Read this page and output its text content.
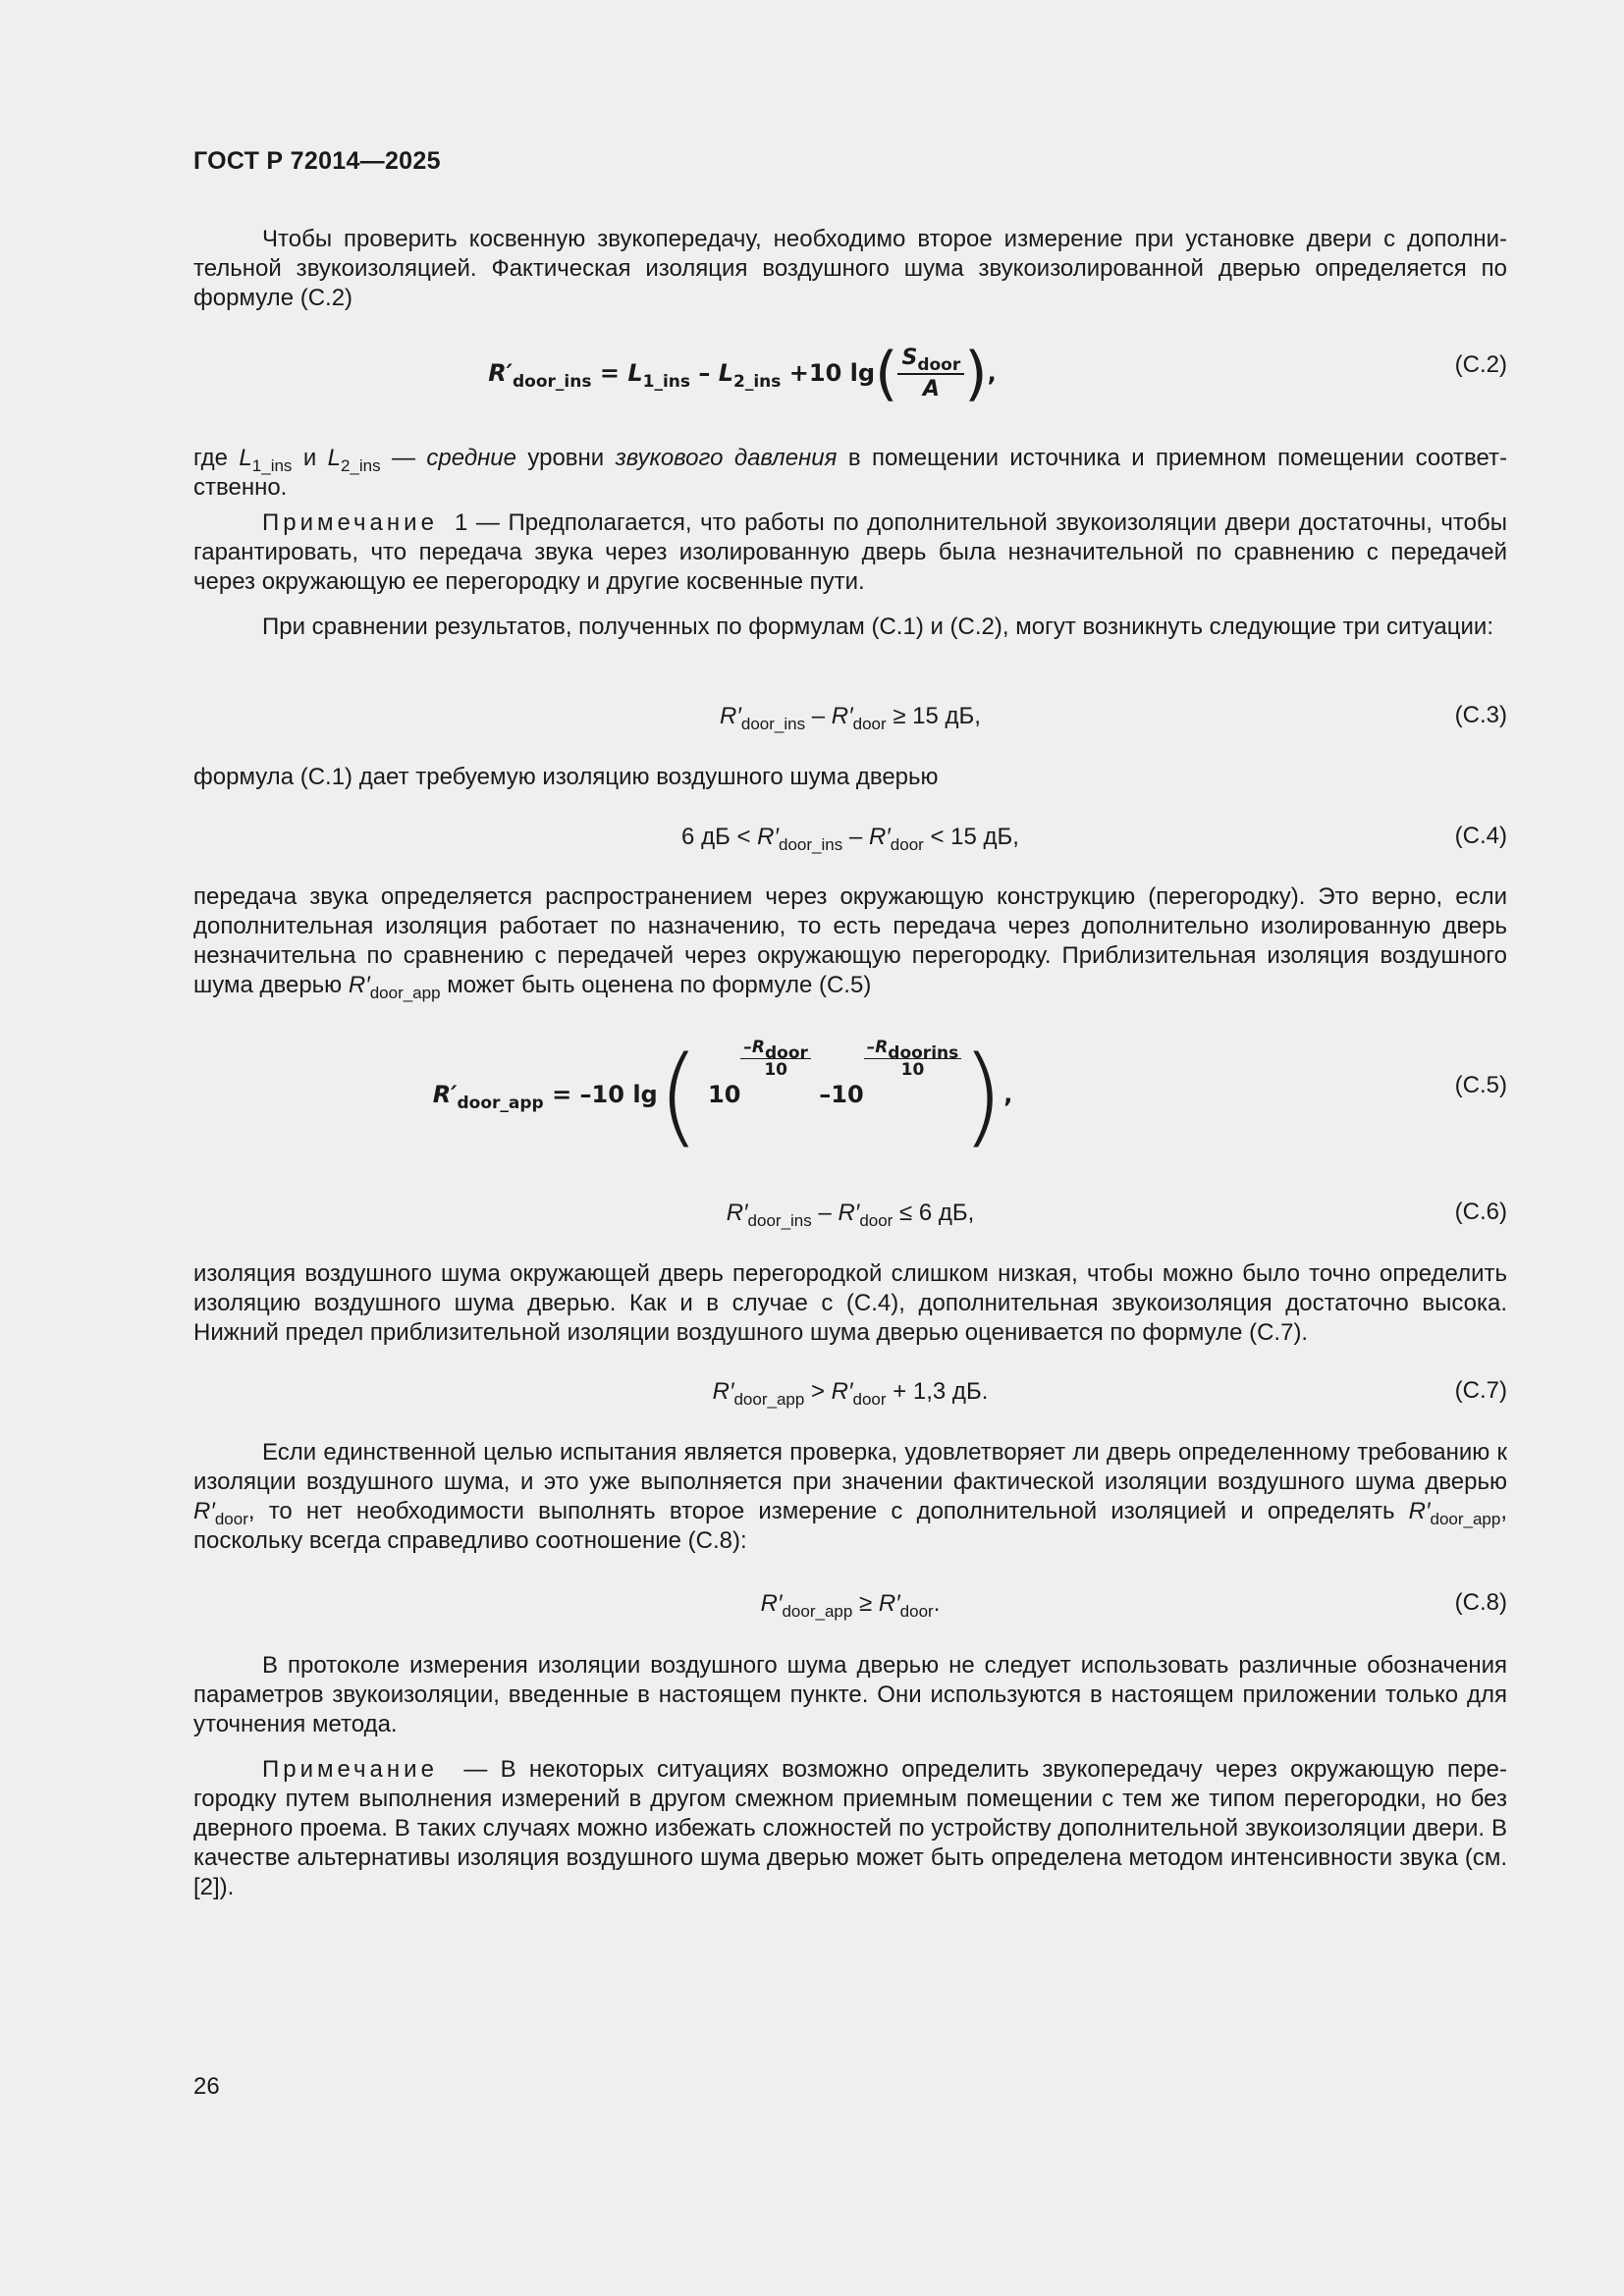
ГОСТ Р 72014—2025
Чтобы проверить косвенную звукопередачу, необходимо второе измерение при установке двери с дополнительной звукоизоляцией. Фактическая изоляция воздушного шума звукоизолированной дверью определяется по формуле (С.2)
$R'_{door\_ins} = L_{1\_ins} - L_{2\_ins} +10$ $\lg( \frac{S_{door}}{A}$ ),	(С.2)
где $L_{1\_ins}$ и $L_{2\_ins}$ — средние уровни звукового давления в помещении источника и приемном помещении соответственно.
Примечание 1 — Предполагается, что работы по дополнительной звукоизоляции двери достаточны, чтобы гарантировать, что передача звука через изолированную дверь была незначительной по сравнению с передачей через окружающую ее перегородку и другие косвенные пути.
При сравнении результатов, полученных по формулам (С.1) и (С.2), могут возникнуть следующие три ситуации:
$R'_{door\_ins} - R'_{door} \ge 15$ дБ,	(С.3)
формула (С.1) дает требуемую изоляцию воздушного шума дверью
6 дБ < $R'_{door\_ins} - R'_{door} < 15$ дБ,	(С.4)
передача звука определяется распространением через окружающую конструкцию (перегородку). Это верно, если дополнительная изоляция работает по назначению, то есть передача через дополнительно изолированную дверь незначительна по сравнению с передачей через окружающую перегородку. Приблизительная изоляция воздушного шума дверью $R'_{door\_app}$ может быть оценена по формуле (С.5)
$R'_{door\_app} = -10$ lg( 10
$\frac{-R_{door}}{10}$
–10
$\frac{-R_{doorins}}{10}$ ),	(С.5)
$R'_{door\_ins} - R'_{door} \le 6$ дБ,	(С.6)
изоляция воздушного шума окружающей дверь перегородкой слишком низкая, чтобы можно было точно определить изоляцию воздушного шума дверью. Как и в случае с (С.4), дополнительная звукоизоляция достаточно высока. Нижний предел приблизительной изоляции воздушного шума дверью оценивается по формуле (С.7).
$R'_{door\_app} > R'_{door} + 1,3$ дБ.	(С.7)
Если единственной целью испытания является проверка, удовлетворяет ли дверь определенному требованию к изоляции воздушного шума, и это уже выполняется при значении фактической изоляции воздушного шума дверью $R'_{door}$, то нет необходимости выполнять второе измерение с дополнительной изоляцией и определять $R'_{door\_app}$, поскольку всегда справедливо соотношение (С.8):
$R'_{door\_app} \ge R'_{door}$.	(С.8)
В протоколе измерения изоляции воздушного шума дверью не следует использовать различные обозначения параметров звукоизоляции, введенные в настоящем пункте. Они используются в настоящем приложении только для уточнения метода.
Примечание — В некоторых ситуациях возможно определить звукопередачу через окружающую перегородку путем выполнения измерений в другом смежном приемным помещении с тем же типом перегородки, но без дверного проема. В таких случаях можно избежать сложностей по устройству дополнительной звукоизоляции двери. В качестве альтернативы изоляция воздушного шума дверью может быть определена методом интенсивности звука (см.[2]).
26
